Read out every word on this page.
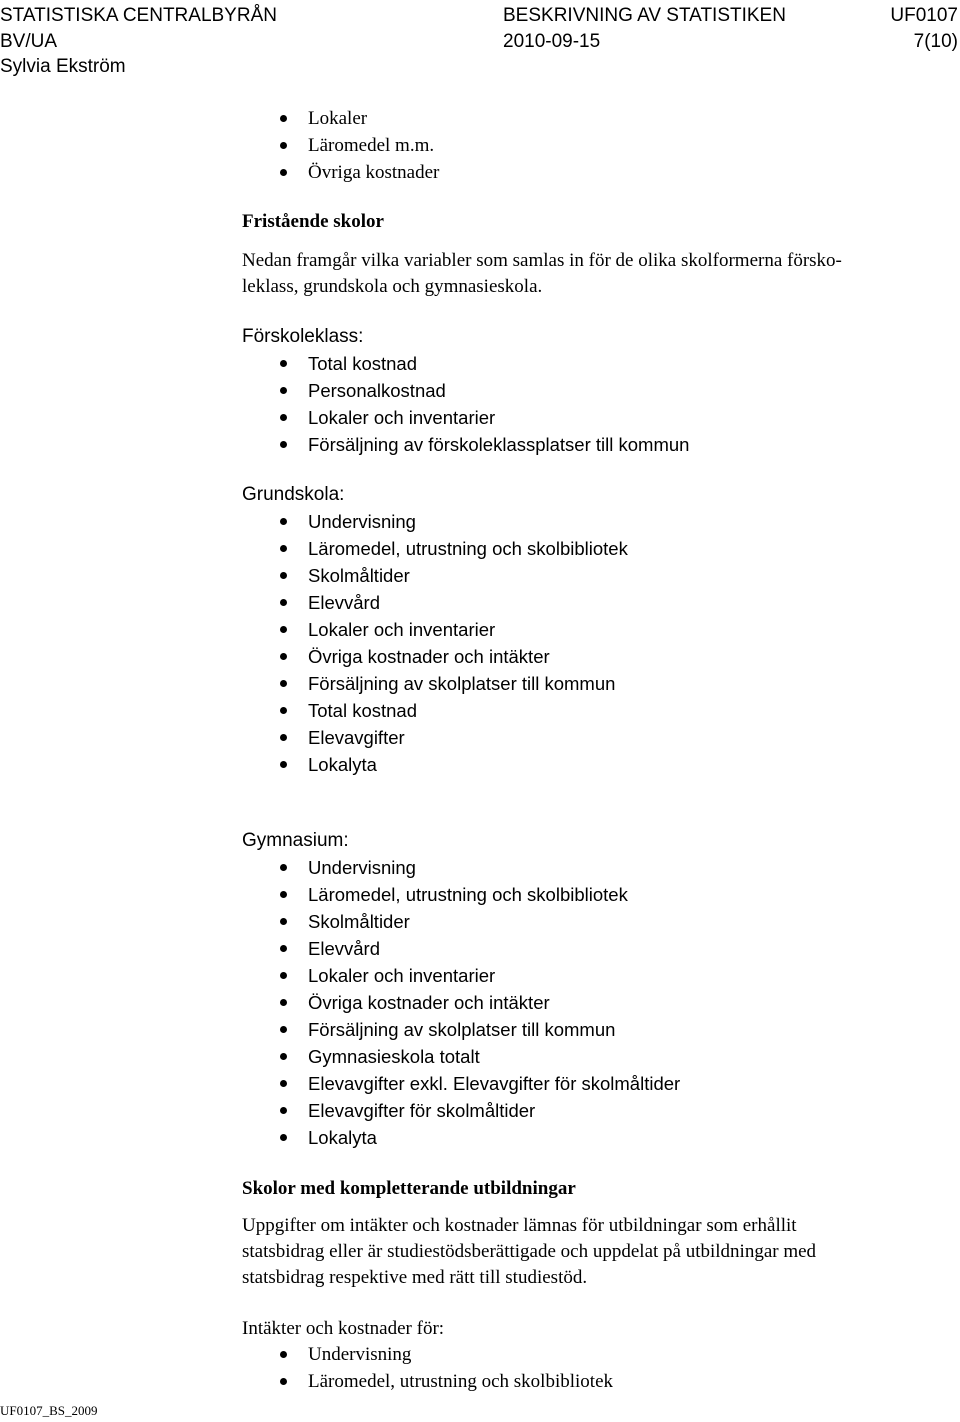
STATISTISKA CENTRALBYRÅN	BESKRIVNING AV STATISTIKEN	UF0107
BV/UA	2010-09-15	7(10)
Sylvia Ekström
Lokaler
Läromedel m.m.
Övriga kostnader
Fristående skolor
Nedan framgår vilka variabler som samlas in för de olika skolformerna försko-
leklass, grundskola och gymnasieskola.
Förskoleklass:
Total kostnad
Personalkostnad
Lokaler och inventarier
Försäljning av förskoleklassplatser till kommun
Grundskola:
Undervisning
Läromedel, utrustning och skolbibliotek
Skolmåltider
Elevvård
Lokaler och inventarier
Övriga kostnader och intäkter
Försäljning av skolplatser till kommun
Total kostnad
Elevavgifter
Lokalyta
Gymnasium:
Undervisning
Läromedel, utrustning och skolbibliotek
Skolmåltider
Elevvård
Lokaler och inventarier
Övriga kostnader och intäkter
Försäljning av skolplatser till kommun
Gymnasieskola totalt
Elevavgifter exkl. Elevavgifter för skolmåltider
Elevavgifter för skolmåltider
Lokalyta
Skolor med kompletterande utbildningar
Uppgifter om intäkter och kostnader lämnas för utbildningar som erhållit
statsbidrag eller är studiestödsberättigade och uppdelat på utbildningar med
statsbidrag respektive med rätt till studiestöd.
Intäkter och kostnader för:
Undervisning
Läromedel, utrustning och skolbibliotek
UF0107_BS_2009
